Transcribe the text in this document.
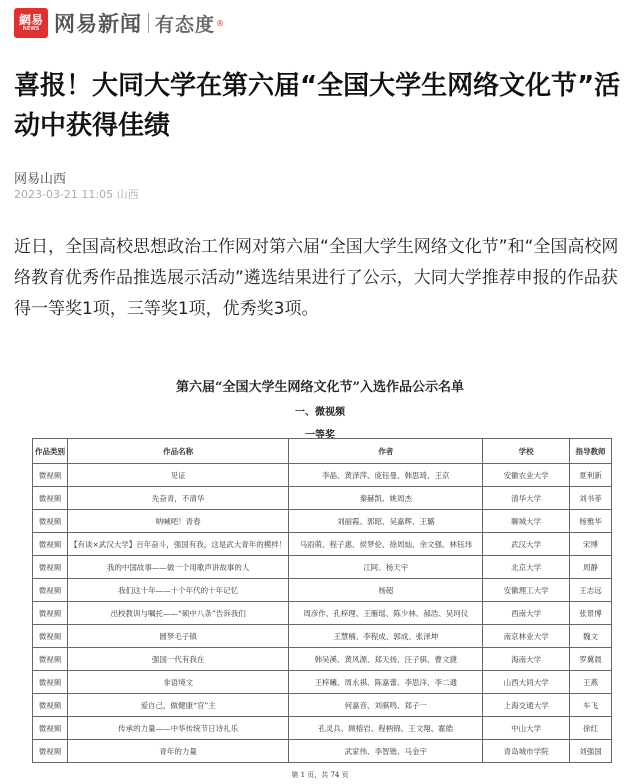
網易
NEWS 网易新闻 有态度 ®
喜报！大同大学在第六届“全国大学生网络文化节”活动中获得佳绩
网易山西
2023-03-21 11:05 山西

近日，全国高校思想政治工作网对第六届“全国大学生网络文化节”和“全国高校网络教育优秀作品推选展示活动”遴选结果进行了公示，大同大学推荐申报的作品获得一等奖1项，三等奖1项，优秀奖3项。

第六届“全国大学生网络文化节”入选作品公示名单
一、微视频
一等奖
作品类别	作品名称	作者	学校	指导教师
微视频	见证	李晶、黄泽萍、庞钰曼、韩思琦、王京	安徽农业大学	夏利新
微视频	先奋青，不清华	秦赫凯、姚周杰	清华大学	刘书菲
微视频	呐喊吧！青春	刘丽霞、郭昭、吴嘉辉、王璐	聊城大学	杨雅华
微视频	【有谈×武汉大学】百年奋斗，强国有我，这是武大青年的模样！	马雨萌、程子惠、侯梦伦、徐周灿、余文强、林钰玮	武汉大学	宋博
微视频	我的中国故事——做一个用歌声讲故事的人	江阿、杨天宇	北京大学	周静
微视频	我们这十年——十个年代的十年记忆	杨超	安徽理工大学	王志远
微视频	出校教训与嘱托——“硕中八条”告诉我们	周彦作、孔梓理、王雁瑶、陈少林、郝浩、吴珂仪	西南大学	张景博
微视频	圆梦毛子镇	王慧楠、李程成、郭成、张泽坤	南京林业大学	魏文
微视频	强国一代有我在	韩吴溪、黄风源、郑天扬、汪子骐、曹文捷	海南大学	罗冀晨
微视频	非语境文	王梓曦、周永祺、陈嘉蕾、李思洋、李二通	山西大同大学	王燕
微视频	爱自己，做健康“官”主	何嘉音、刘骐鸣、郑子一	上海交通大学	车飞
微视频	传承的力量——中华传统节日诗礼乐	孔灵兵、顾榕岩、程柄锦、王文翔、霍皓	中山大学	徐红
微视频	青年的力量	武家伟、李智锴、马金宇	青岛城市学院	刘强国
第 1 页，共 74 页
